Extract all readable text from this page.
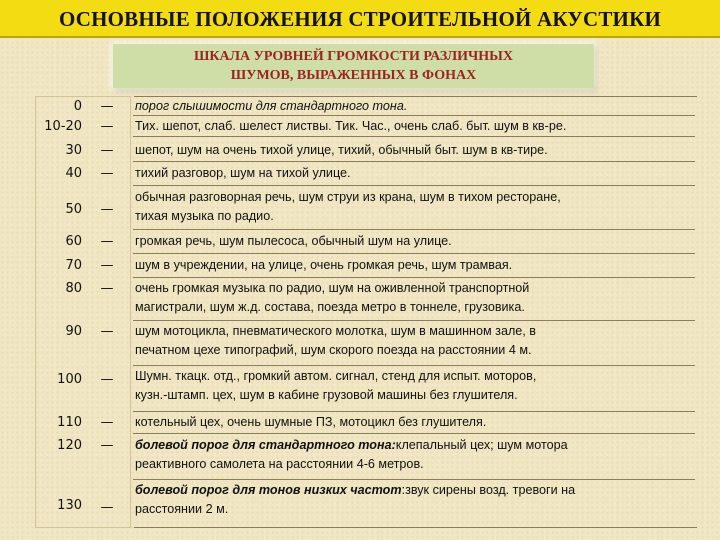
ОСНОВНЫЕ ПОЛОЖЕНИЯ СТРОИТЕЛЬНОЙ АКУСТИКИ
ШКАЛА УРОВНЕЙ ГРОМКОСТИ РАЗЛИЧНЫХ
ШУМОВ, ВЫРАЖЕННЫХ В ФОНАХ
0 — порог слышимости для стандартного тона.
10-20 — Тих. шепот, слаб. шелест листвы. Тик. Час., очень слаб. быт. шум в кв-ре.
30 — шепот, шум на очень тихой улице, тихий, обычный быт. шум в кв-тире.
40 — тихий разговор, шум на тихой улице.
50 —
обычная разговорная речь, шум струи из крана, шум в тихом ресторане,
тихая музыка по радио.
60 — громкая речь, шум пылесоса, обычный шум на улице.
70 — шум в учреждении, на улице, очень громкая речь, шум трамвая.
80 — очень громкая музыка по радио, шум на оживленной транспортной
магистрали, шум ж.д. состава, поезда метро в тоннеле, грузовика.
90 — шум мотоцикла, пневматического молотка, шум в машинном зале, в
печатном цехе типографий, шум скорого поезда на расстоянии 4 м.
100 — Шумн. ткацк. отд., громкий автом. сигнал, стенд для испыт. моторов,
кузн.-штамп. цех, шум в кабине грузовой машины без глушителя.
110 — котельный цех, очень шумные ПЗ, мотоцикл без глушителя.
120 — болевой порог для стандартного тона:клепальный цех; шум мотора
реактивного самолета на расстоянии 4-6 метров.
130 —
болевой порог для тонов низких частот:звук сирены возд. тревоги на
расстоянии 2 м.
